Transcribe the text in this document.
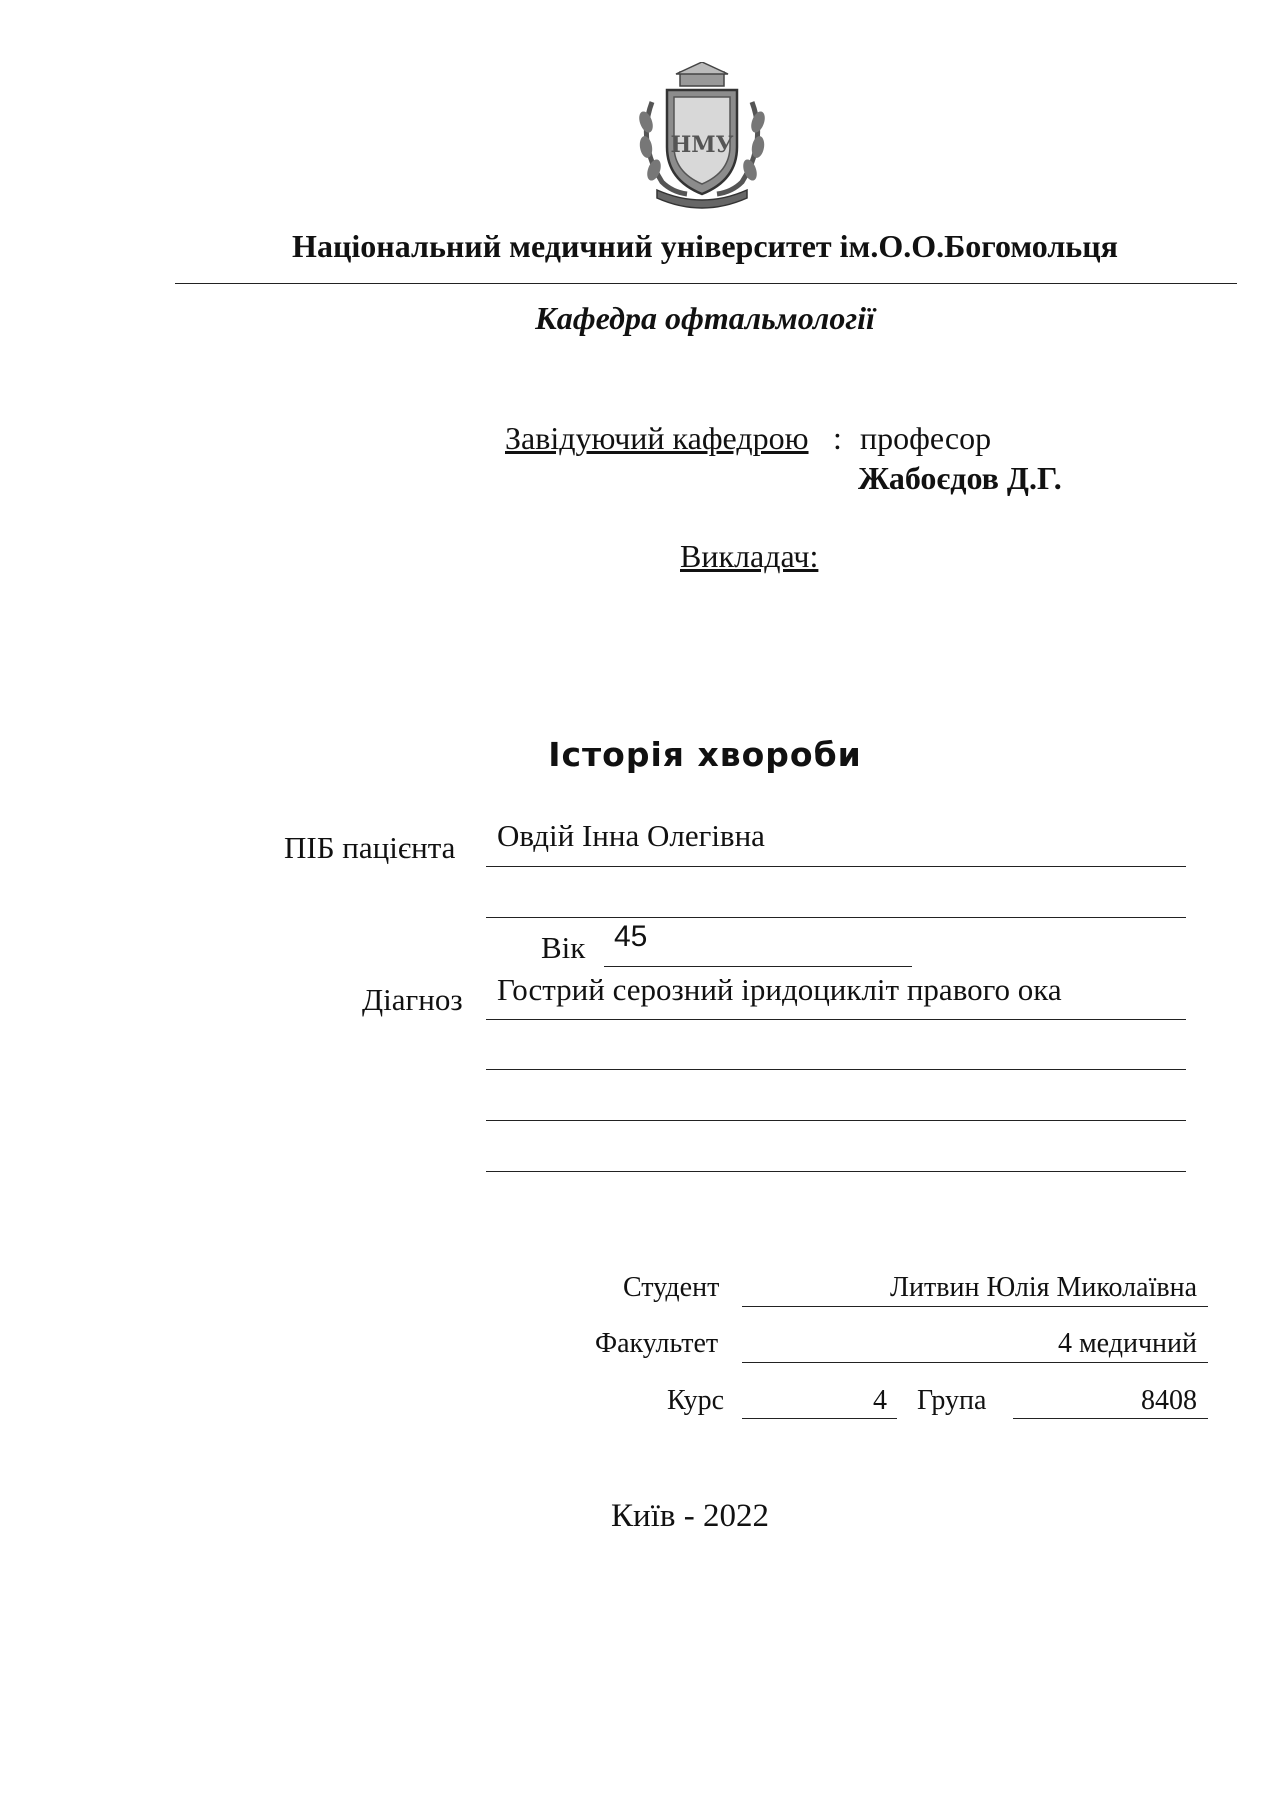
НМУ
Національний медичний університет ім.О.О.Богомольця
Кафедра офтальмології
Завідуючий кафедрою : професор
Жабоєдов Д.Г.
Викладач:
Історія хвороби
ПІБ пацієнта Овдій Інна Олегівна
Вік 45
Діагноз Гострий серозний іридоцикліт правого ока
Студент	Литвин Юлія Миколаївна
Факультет	4 медичний
Курс	4 Група	8408
Київ - 2022
